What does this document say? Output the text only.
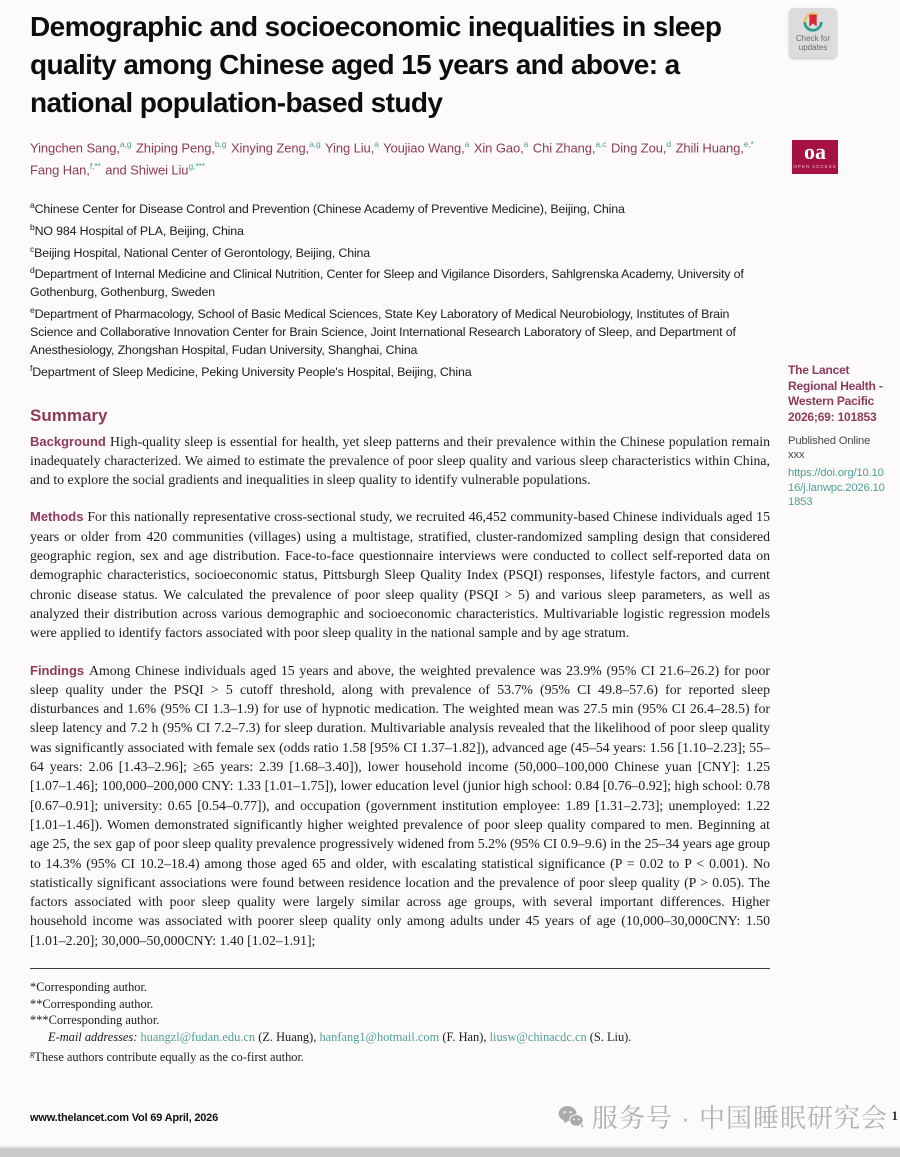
Demographic and socioeconomic inequalities in sleep quality among Chinese aged 15 years and above: a national population-based study

Yingchen Sang,$^{a,g}$ Zhiping Peng,$^{b,g}$ Xinying Zeng,$^{a,g}$ Ying Liu,$^a$ Youjiao Wang,$^a$ Xin Gao,$^a$ Chi Zhang,$^{a,c}$ Ding Zou,$^d$ Zhili Huang,$^{e,*}$ Fang Han,$^{f,**}$ and Shiwei Liu$^{g,***}$

$^a$Chinese Center for Disease Control and Prevention (Chinese Academy of Preventive Medicine), Beijing, China
$^b$NO 984 Hospital of PLA, Beijing, China
$^c$Beijing Hospital, National Center of Gerontology, Beijing, China
$^d$Department of Internal Medicine and Clinical Nutrition, Center for Sleep and Vigilance Disorders, Sahlgrenska Academy, University of Gothenburg, Gothenburg, Sweden
$^e$Department of Pharmacology, School of Basic Medical Sciences, State Key Laboratory of Medical Neurobiology, Institutes of Brain Science and Collaborative Innovation Center for Brain Science, Joint International Research Laboratory of Sleep, and Department of Anesthesiology, Zhongshan Hospital, Fudan University, Shanghai, China
$^f$Department of Sleep Medicine, Peking University People's Hospital, Beijing, China
Summary

Background High-quality sleep is essential for health, yet sleep patterns and their prevalence within the Chinese population remain inadequately characterized. We aimed to estimate the prevalence of poor sleep quality and various sleep characteristics within China, and to explore the social gradients and inequalities in sleep quality to identify vulnerable populations.

Methods For this nationally representative cross-sectional study, we recruited 46,452 community-based Chinese individuals aged 15 years or older from 420 communities (villages) using a multistage, stratified, cluster-randomized sampling design that considered geographic region, sex and age distribution. Face-to-face questionnaire interviews were conducted to collect self-reported data on demographic characteristics, socioeconomic status, Pittsburgh Sleep Quality Index (PSQI) responses, lifestyle factors, and current chronic disease status. We calculated the prevalence of poor sleep quality (PSQI > 5) and various sleep parameters, as well as analyzed their distribution across various demographic and socioeconomic characteristics. Multivariable logistic regression models were applied to identify factors associated with poor sleep quality in the national sample and by age stratum.

Findings Among Chinese individuals aged 15 years and above, the weighted prevalence was 23.9% (95% CI 21.6–26.2) for poor sleep quality under the PSQI > 5 cutoff threshold, along with prevalence of 53.7% (95% CI 49.8–57.6) for reported sleep disturbances and 1.6% (95% CI 1.3–1.9) for use of hypnotic medication. The weighted mean was 27.5 min (95% CI 26.4–28.5) for sleep latency and 7.2 h (95% CI 7.2–7.3) for sleep duration. Multivariable analysis revealed that the likelihood of poor sleep quality was significantly associated with female sex (odds ratio 1.58 [95% CI 1.37–1.82]), advanced age (45–54 years: 1.56 [1.10–2.23]; 55–64 years: 2.06 [1.43–2.96]; ≥65 years: 2.39 [1.68–3.40]), lower household income (50,000–100,000 Chinese yuan [CNY]: 1.25 [1.07–1.46]; 100,000–200,000 CNY: 1.33 [1.01–1.75]), lower education level (junior high school: 0.84 [0.76–0.92]; high school: 0.78 [0.67–0.91]; university: 0.65 [0.54–0.77]), and occupation (government institution employee: 1.89 [1.31–2.73]; unemployed: 1.22 [1.01–1.46]). Women demonstrated significantly higher weighted prevalence of poor sleep quality compared to men. Beginning at age 25, the sex gap of poor sleep quality prevalence progressively widened from 5.2% (95% CI 0.9–9.6) in the 25–34 years age group to 14.3% (95% CI 10.2–18.4) among those aged 65 and older, with escalating statistical significance (P = 0.02 to P < 0.001). No statistically significant associations were found between residence location and the prevalence of poor sleep quality (P > 0.05). The factors associated with poor sleep quality were largely similar across age groups, with several important differences. Higher household income was associated with poorer sleep quality only among adults under 45 years of age (10,000–30,000CNY: 1.50 [1.01–2.20]; 30,000–50,000CNY: 1.40 [1.02–1.91];

*Corresponding author.

**Corresponding author.

***Corresponding author.

E-mail addresses: huangzl@fudan.edu.cn (Z. Huang), hanfang1@hotmail.com (F. Han), liusw@chinacdc.cn (S. Liu).

$^g$These authors contribute equally as the co-first author.

Check for updates
oa
OPEN ACCESS
The Lancet Regional Health - Western Pacific 2026;69: 101853
Published Online xxx
https://doi.org/10.1016/j.lanwpc.2026.101853
www.thelancet.com Vol 69 April, 2026	服务号 · 中国睡眠研究会 1
